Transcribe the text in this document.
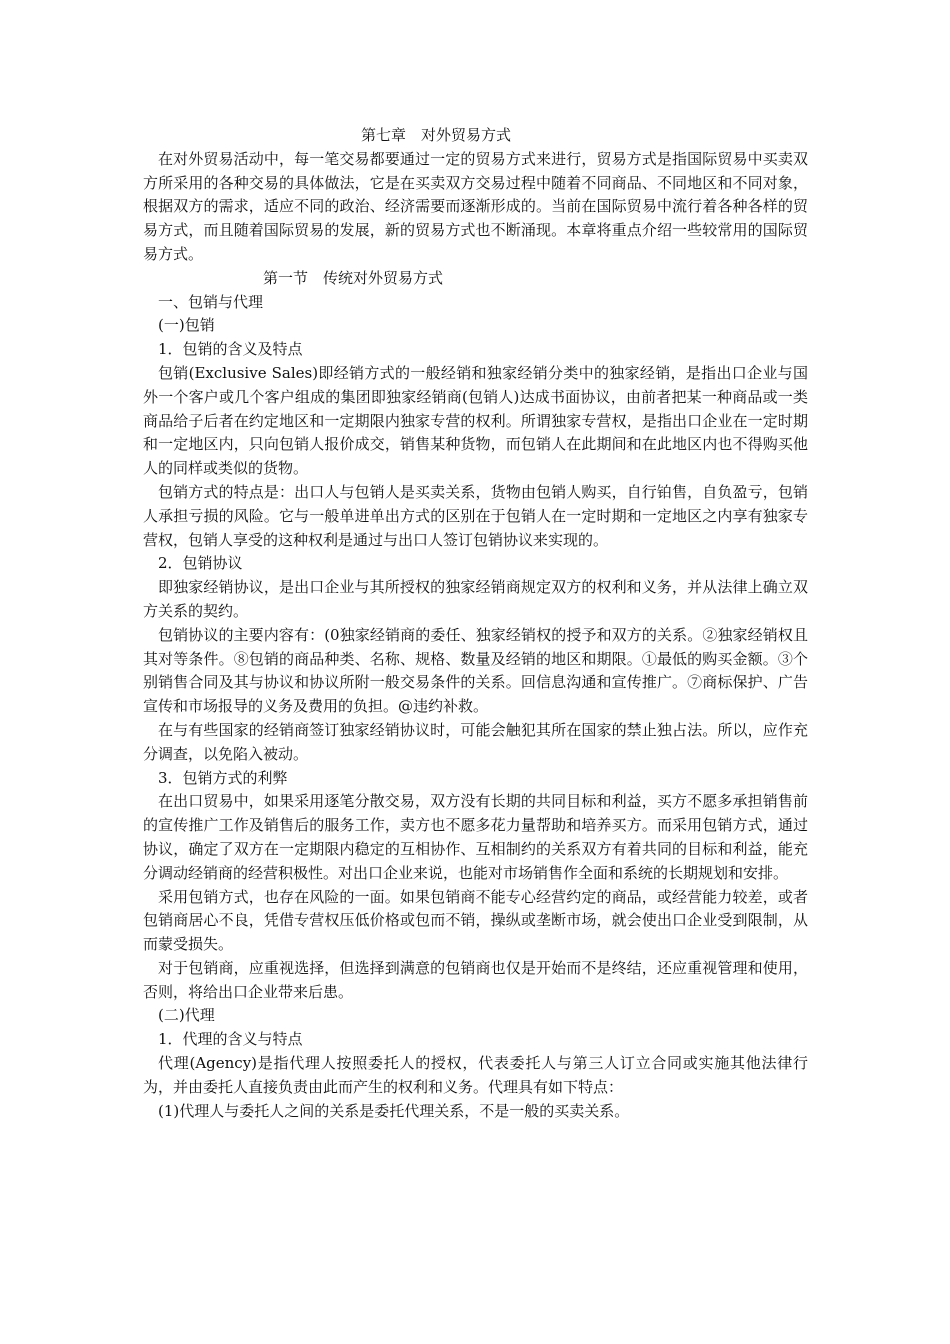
第七章　对外贸易方式

在对外贸易活动中，每一笔交易都要通过一定的贸易方式来进行，贸易方式是指国际贸易中买卖双方所采用的各种交易的具体做法，它是在买卖双方交易过程中随着不同商品、不同地区和不同对象，根据双方的需求，适应不同的政治、经济需要而逐渐形成的。当前在国际贸易中流行着各种各样的贸易方式，而且随着国际贸易的发展，新的贸易方式也不断涌现。本章将重点介绍一些较常用的国际贸易方式。

第一节　传统对外贸易方式

一、包销与代理

(一)包销

1．包销的含义及特点

包销(Exclusive Sales)即经销方式的一般经销和独家经销分类中的独家经销，是指出口企业与国外一个客户或几个客户组成的集团即独家经销商(包销人)达成书面协议，由前者把某一种商品或一类商品给子后者在约定地区和一定期限内独家专营的权利。所谓独家专营权，是指出口企业在一定时期和一定地区内，只向包销人报价成交，销售某种货物，而包销人在此期间和在此地区内也不得购买他人的同样或类似的货物。

包销方式的特点是：出口人与包销人是买卖关系，货物由包销人购买，自行铂售，自负盈亏，包销人承担亏损的风险。它与一般单进单出方式的区别在于包销人在一定时期和一定地区之内享有独家专营权，包销人享受的这种权利是通过与出口人签订包销协议来实现的。

2．包销协议

即独家经销协议，是出口企业与其所授权的独家经销商规定双方的权利和义务，并从法律上确立双方关系的契约。

包销协议的主要内容有：(0独家经销商的委任、独家经销权的授予和双方的关系。②独家经销权且其对等条件。⑧包销的商品种类、名称、规格、数量及经销的地区和期限。①最低的购买金额。③个别销售合同及其与协议和协议所附一般交易条件的关系。回信息沟通和宣传推广。⑦商标保护、广告宣传和市场报导的义务及费用的负担。@违约补救。

在与有些国家的经销商签订独家经销协议时，可能会触犯其所在国家的禁止独占法。所以，应作充分调查，以免陷入被动。

3．包销方式的利弊

在出口贸易中，如果采用逐笔分散交易，双方没有长期的共同目标和利益，买方不愿多承担销售前的宣传推广工作及销售后的服务工作，卖方也不愿多花力量帮助和培养买方。而采用包销方式，通过协议，确定了双方在一定期限内稳定的互相协作、互相制约的关系双方有着共同的目标和利益，能充分调动经销商的经营积极性。对出口企业来说，也能对市场销售作全面和系统的长期规划和安排。

采用包销方式，也存在风险的一面。如果包销商不能专心经营约定的商品，或经营能力较差，或者包销商居心不良，凭借专营权压低价格或包而不销，操纵或垄断市场，就会使出口企业受到限制，从而蒙受损失。

对于包销商，应重视选择，但选择到满意的包销商也仅是开始而不是终结，还应重视管理和使用，否则，将给出口企业带来后患。

(二)代理

1．代理的含义与特点

代理(Agency)是指代理人按照委托人的授权，代表委托人与第三人订立合同或实施其他法律行为，并由委托人直接负责由此而产生的权利和义务。代理具有如下特点：

(1)代理人与委托人之间的关系是委托代理关系，不是一般的买卖关系。
